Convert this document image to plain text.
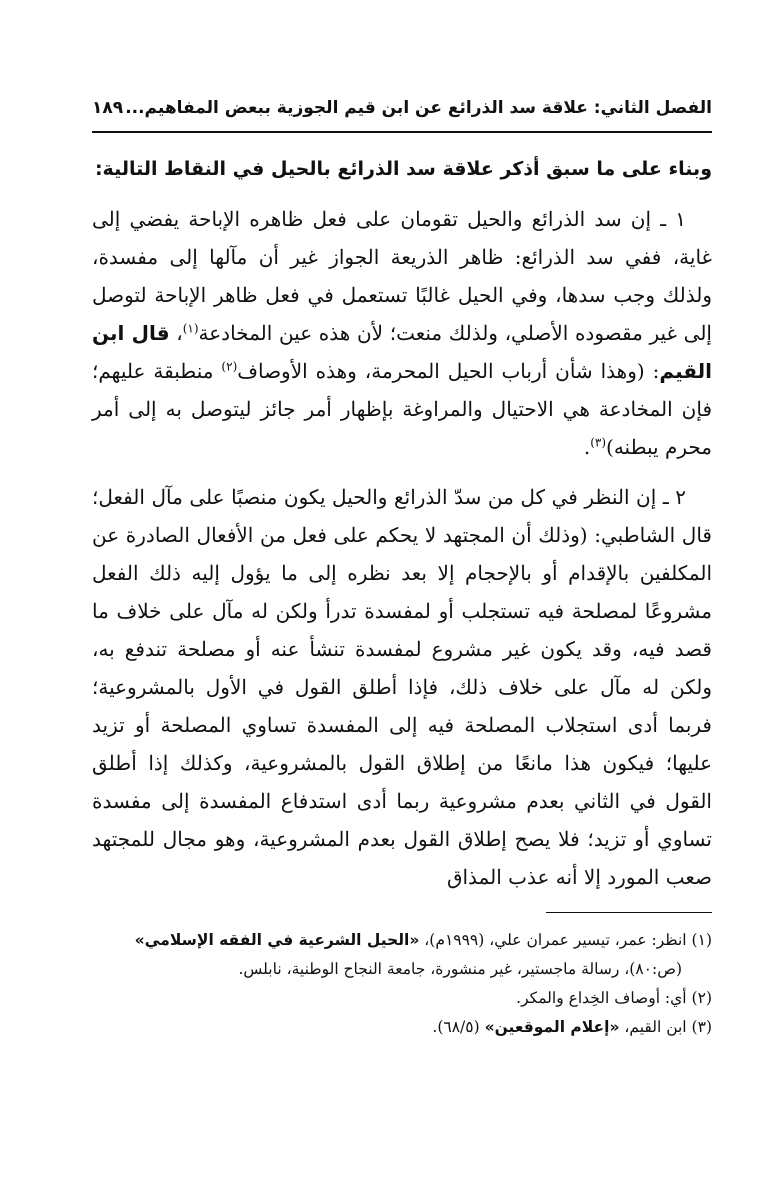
الفصل الثاني: علاقة سد الذرائع عن ابن قيم الجوزية ببعض المفاهيم...
١٨٩

وبناء على ما سبق أذكر علاقة سد الذرائع بالحيل في النقاط التالية:

١ ـ إن سد الذرائع والحيل تقومان على فعل ظاهره الإباحة يفضي إلى غاية، ففي سد الذرائع: ظاهر الذريعة الجواز غير أن مآلها إلى مفسدة، ولذلك وجب سدها، وفي الحيل غالبًا تستعمل في فعل ظاهر الإباحة لتوصل إلى غير مقصوده الأصلي، ولذلك منعت؛ لأن هذه عين المخادعة$^{(١)}$، قال ابن القيم: (وهذا شأن أرباب الحيل المحرمة، وهذه الأوصاف$^{(٢)}$ منطبقة عليهم؛ فإن المخادعة هي الاحتيال والمراوغة بإظهار أمر جائز ليتوصل به إلى أمر محرم يبطنه)$^{(٣)}$.

٢ ـ إن النظر في كل من سدّ الذرائع والحيل يكون منصبًا على مآل الفعل؛ قال الشاطبي: (وذلك أن المجتهد لا يحكم على فعل من الأفعال الصادرة عن المكلفين بالإقدام أو بالإحجام إلا بعد نظره إلى ما يؤول إليه ذلك الفعل مشروعًا لمصلحة فيه تستجلب أو لمفسدة تدرأ ولكن له مآل على خلاف ما قصد فيه، وقد يكون غير مشروع لمفسدة تنشأ عنه أو مصلحة تندفع به، ولكن له مآل على خلاف ذلك، فإذا أطلق القول في الأول بالمشروعية؛ فربما أدى استجلاب المصلحة فيه إلى المفسدة تساوي المصلحة أو تزيد عليها؛ فيكون هذا مانعًا من إطلاق القول بالمشروعية، وكذلك إذا أطلق القول في الثاني بعدم مشروعية ربما أدى استدفاع المفسدة إلى مفسدة تساوي أو تزيد؛ فلا يصح إطلاق القول بعدم المشروعية، وهو مجال للمجتهد صعب المورد إلا أنه عذب المذاق

(١) انظر: عمر، تيسير عمران علي، (١٩٩٩م)، «الحيل الشرعية في الفقه الإسلامي»

(ص:٨٠)، رسالة ماجستير، غير منشورة، جامعة النجاح الوطنية، نابلس.

(٢) أي: أوصاف الخِداع والمكر.

(٣) ابن القيم، «إعلام الموقعين» (٦٨/٥).
